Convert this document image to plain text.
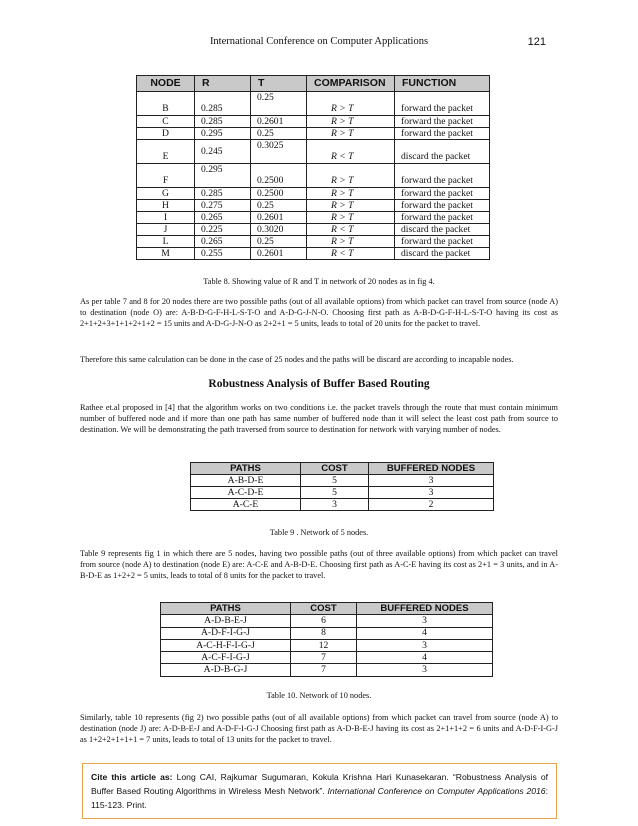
International Conference on Computer Applications	121
NODE	R	T	COMPARISON	FUNCTION
B	0.285	0.25	R > T	forward the packet
C	0.285	0.2601	R > T	forward the packet
D	0.295	0.25	R > T	forward the packet
E	0.245	0.3025	R < T	discard the packet
F	0.295	0.2500	R > T	forward the packet
G	0.285	0.2500	R > T	forward the packet
H	0.275	0.25	R > T	forward the packet
I	0.265	0.2601	R > T	forward the packet
J	0.225	0.3020	R < T	discard the packet
L	0.265	0.25	R > T	forward the packet
M	0.255	0.2601	R < T	discard the packet
Table 8. Showing value of R and T in network of 20 nodes as in fig 4.
As per table 7 and 8 for 20 nodes there are two possible paths (out of all available options) from which packet can travel from source (node A) to destination (node O) are: A-B-D-G-F-H-L-S-T-O and A-D-G-J-N-O. Choosing first path as A-B-D-G-F-H-L-S-T-O having its cost as 2+1+2+3+1+1+2+1+2 = 15 units and A-D-G-J-N-O as 2+2+1 = 5 units, leads to total of 20 units for the packet to travel.
Therefore this same calculation can be done in the case of 25 nodes and the paths will be discard are according to incapable nodes.
Robustness Analysis of Buffer Based Routing
Rathee et.al proposed in [4] that the algorithm works on two conditions i.e. the packet travels through the route that must contain minimum number of buffered node and if more than one path has same number of buffered node than it will select the least cost path from source to destination. We will be demonstrating the path traversed from source to destination for network with varying number of nodes.
PATHS	COST	BUFFERED NODES
A-B-D-E	5	3
A-C-D-E	5	3
A-C-E	3	2
Table 9 . Network of 5 nodes.
Table 9 represents fig 1 in which there are 5 nodes, having two possible paths (out of three available options) from which packet can travel from source (node A) to destination (node E) are: A-C-E and A-B-D-E. Choosing first path as A-C-E having its cost as 2+1 = 3 units, and in A-B-D-E as 1+2+2 = 5 units, leads to total of 8 units for the packet to travel.
PATHS	COST	BUFFERED NODES
A-D-B-E-J	6	3
A-D-F-I-G-J	8	4
A-C-H-F-I-G-J	12	3
A-C-F-I-G-J	7	4
A-D-B-G-J	7	3
Table 10. Network of 10 nodes.
Similarly, table 10 represents (fig 2) two possible paths (out of all available options) from which packet can travel from source (node A) to destination (node J) are: A-D-B-E-J and A-D-F-I-G-J Choosing first path as A-D-B-E-J having its cost as 2+1+1+2 = 6 units and A-D-F-I-G-J as 1+2+2+1+1+1 = 7 units, leads to total of 13 units for the packet to travel.
Cite this article as: Long CAI, Rajkumar Sugumaran, Kokula Krishna Hari Kunasekaran. “Robustness Analysis of Buffer Based Routing Algorithms in Wireless Mesh Network”. International Conference on Computer Applications 2016: 115-123. Print.
